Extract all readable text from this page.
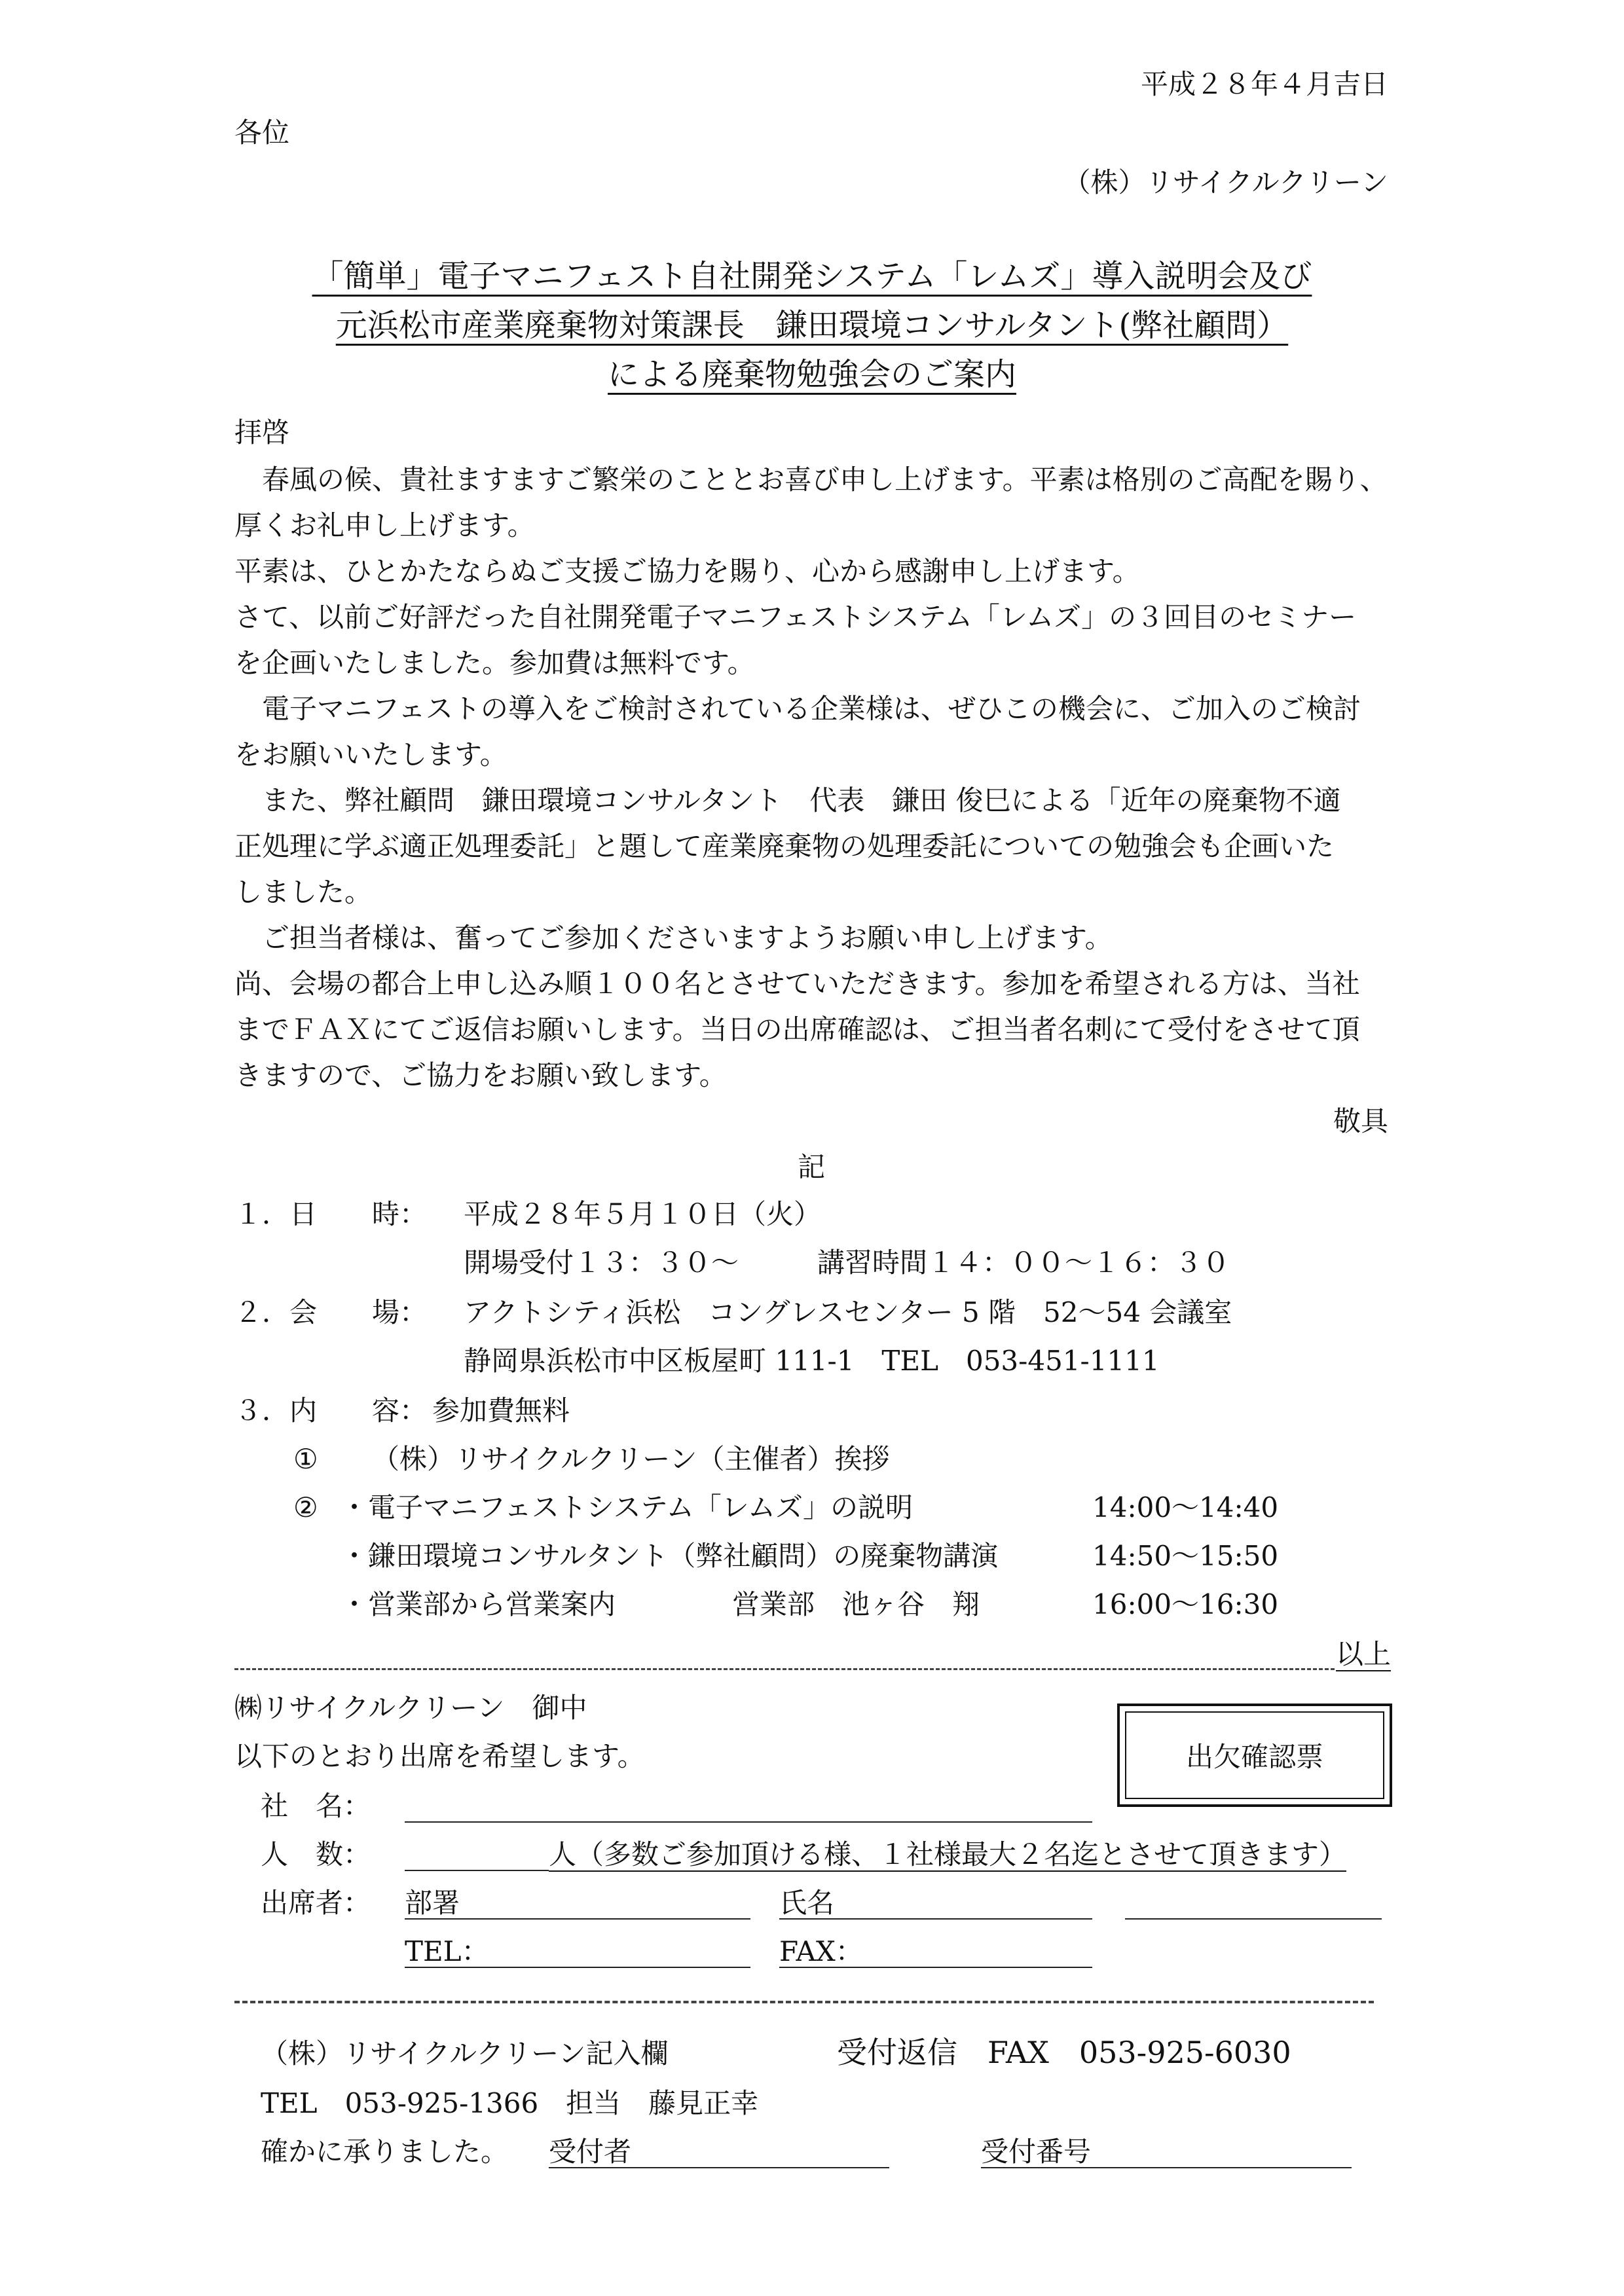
平成２８年４月吉日
各位
（株）リサイクルクリーン
「簡単」電子マニフェスト自社開発システム「レムズ」導入説明会及び
元浜松市産業廃棄物対策課長　鎌田環境コンサルタント(弊社顧問）
による廃棄物勉強会のご案内
拝啓
春風の候、貴社ますますご繁栄のこととお喜び申し上げます。平素は格別のご高配を賜り、
厚くお礼申し上げます。
平素は、ひとかたならぬご支援ご協力を賜り、心から感謝申し上げます。
さて、以前ご好評だった自社開発電子マニフェストシステム「レムズ」の３回目のセミナー
を企画いたしました。参加費は無料です。
電子マニフェストの導入をご検討されている企業様は、ぜひこの機会に、ご加入のご検討
をお願いいたします。
また、弊社顧問　鎌田環境コンサルタント　代表　鎌田 俊巳による「近年の廃棄物不適
正処理に学ぶ適正処理委託」と題して産業廃棄物の処理委託についての勉強会も企画いた
しました。
ご担当者様は、奮ってご参加くださいますようお願い申し上げます。
尚、会場の都合上申し込み順１００名とさせていただきます。参加を希望される方は、当社
までＦＡＸにてご返信お願いします。当日の出席確認は、ご担当者名刺にて受付をさせて頂
きますので、ご協力をお願い致します。
敬具
記
１．日　　時： 平成２８年５月１０日（火）
開場受付１３：３０～	講習時間１４：００～１６：３０
２．会　　場： アクトシティ浜松　コングレスセンター 5 階　52～54 会議室
静岡県浜松市中区板屋町 111-1　TEL　053-451-1111
３．内　　容： 参加費無料
① （株）リサイクルクリーン（主催者）挨拶
② ・電子マニフェストシステム「レムズ」の説明	14:00～14:40
・鎌田環境コンサルタント（弊社顧問）の廃棄物講演	14:50～15:50
・営業部から営業案内	営業部　池ヶ谷　翔	16:00～16:30
以上
㈱リサイクルクリーン　御中
以下のとおり出席を希望します。	出欠確認票
社　名：
人　数：	人（多数ご参加頂ける様、１社様最大２名迄とさせて頂きます）
出席者： 部署	氏名
TEL：	FAX：
（株）リサイクルクリーン記入欄	受付返信　FAX　053-925-6030
TEL　053-925-1366　担当　藤見正幸
確かに承りました。 受付者	受付番号
